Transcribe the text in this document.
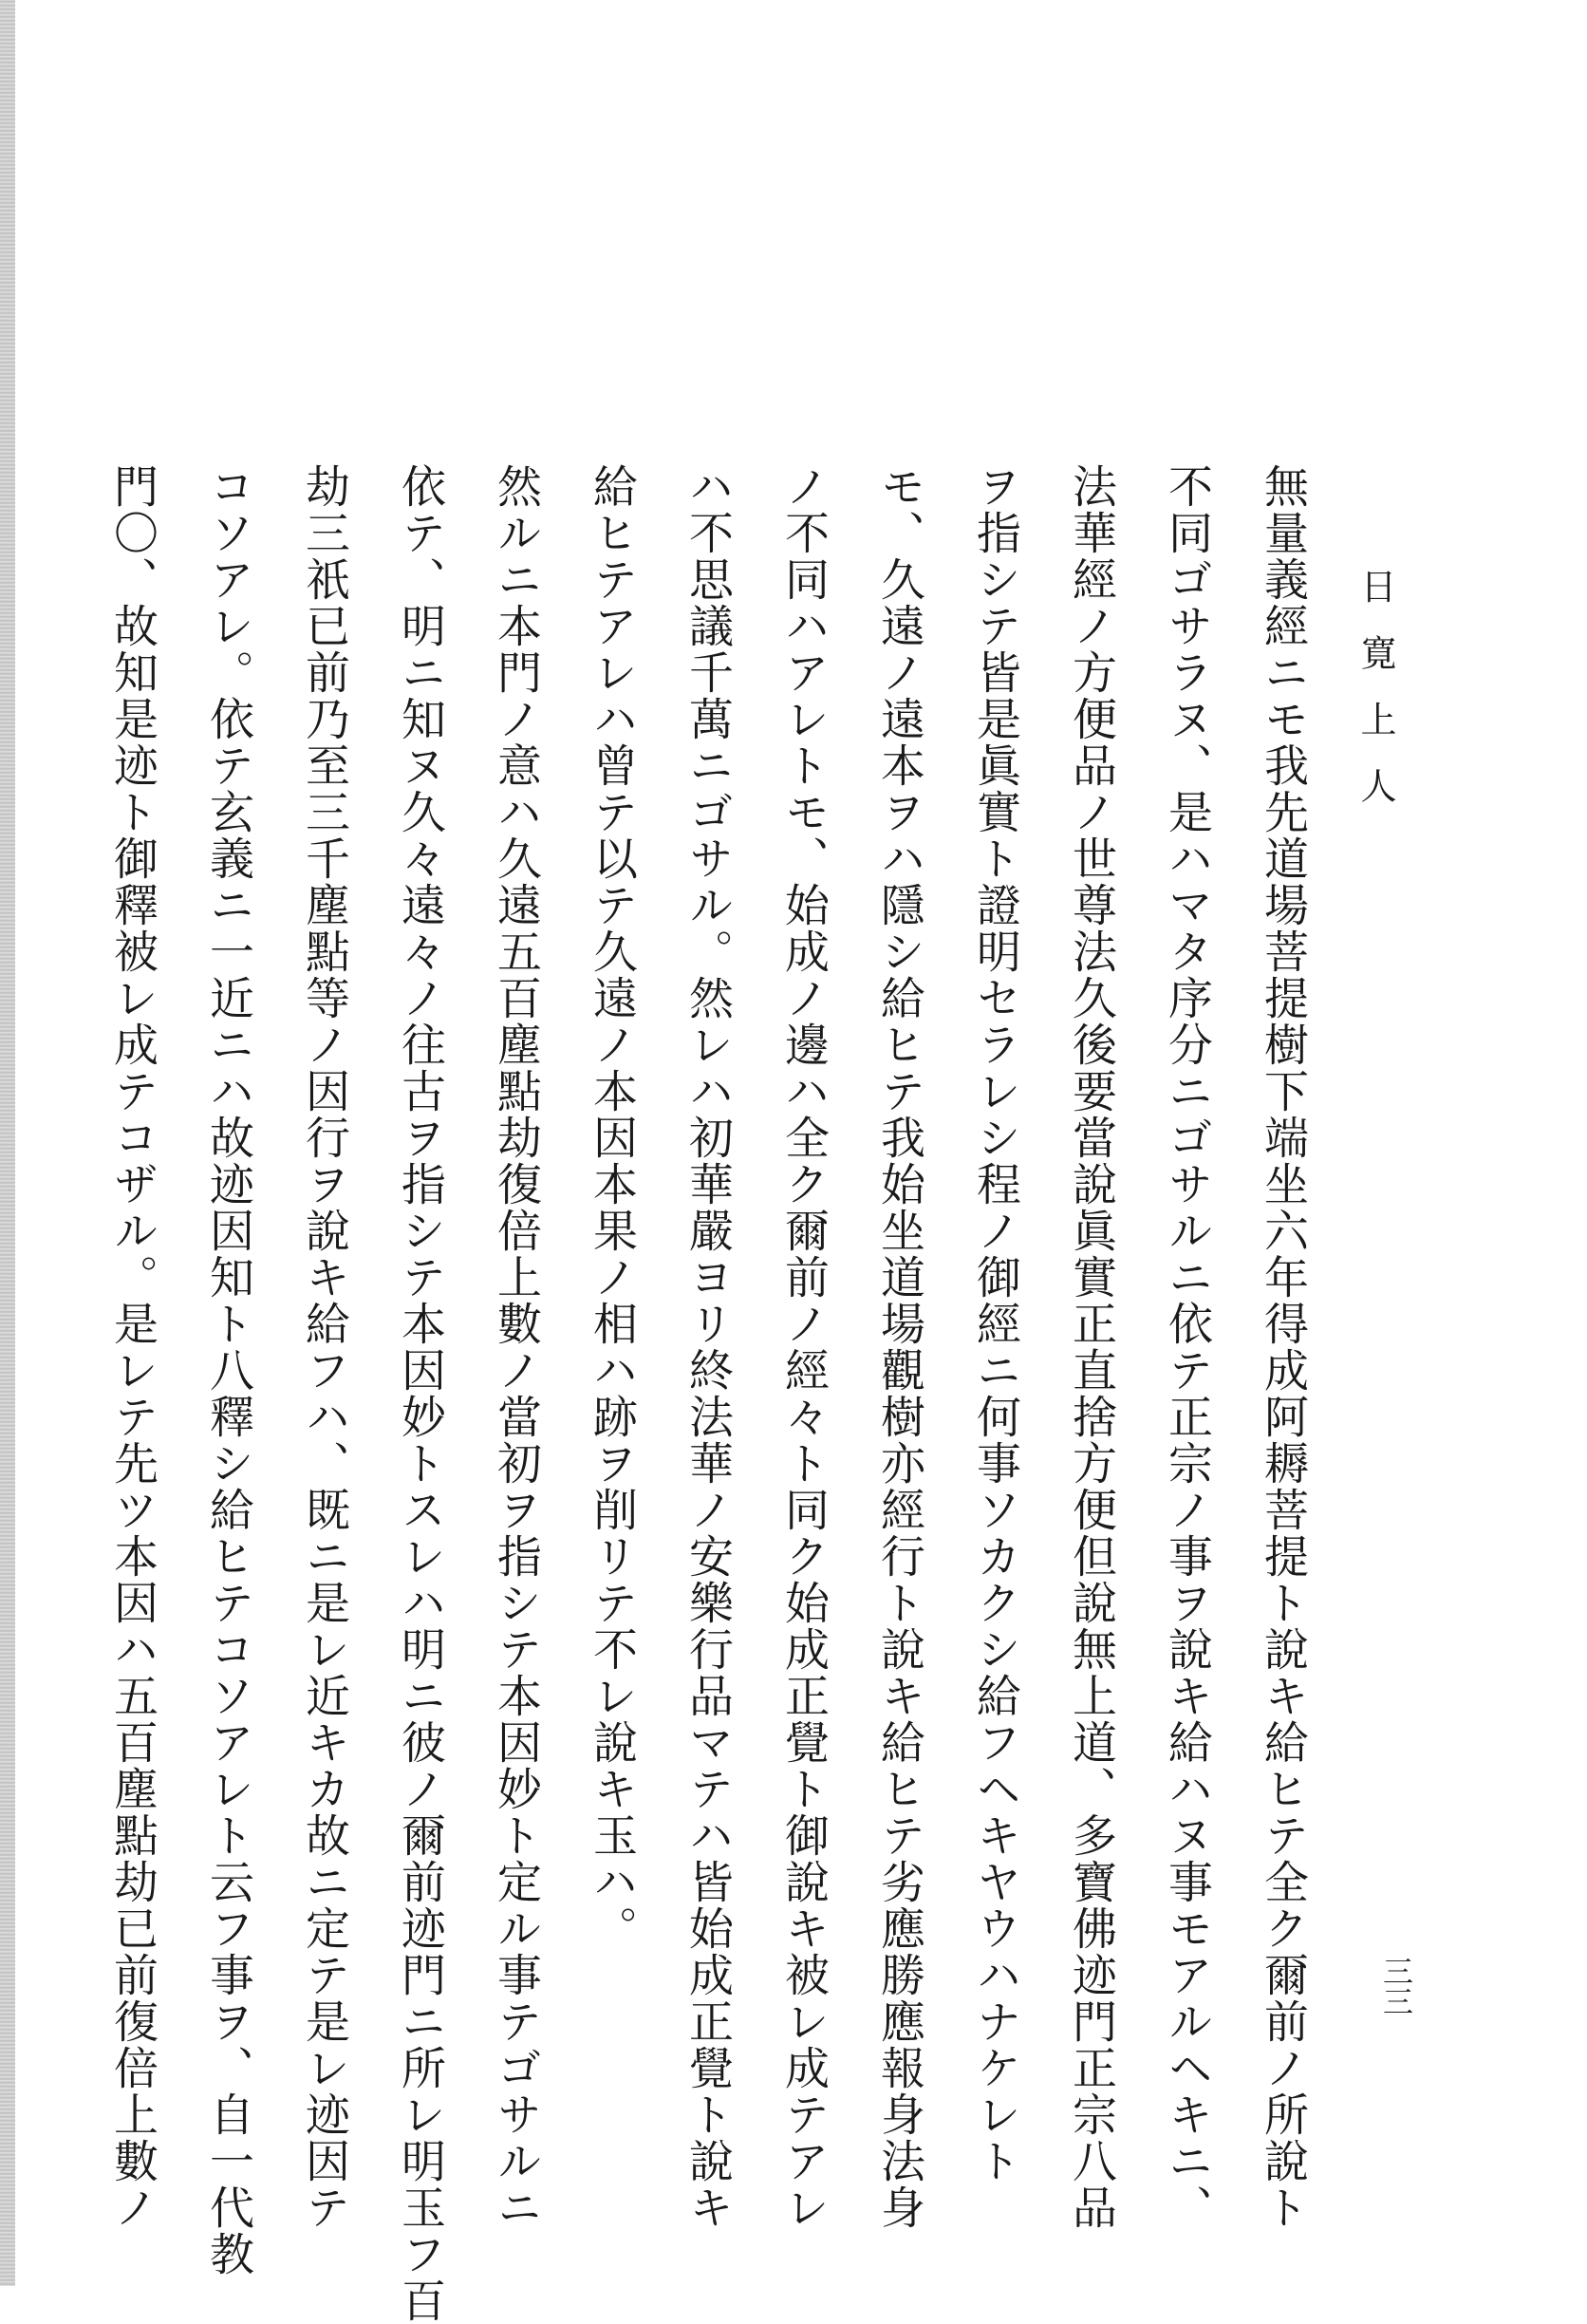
日寛上人
三三
無量義經ニモ我先道場菩提樹下端坐六年得成阿耨菩提ト說キ給ヒテ全ク爾前ノ所說ト
不同ゴサラヌ、是ハマタ序分ニゴサルニ依テ正宗ノ事ヲ說キ給ハヌ事モアルヘキニ、
法華經ノ方便品ノ世尊法久後要當說眞實正直捨方便但說無上道、多寶佛迹門正宗八品
ヲ指シテ皆是眞實ト證明セラレシ程ノ御經ニ何事ソカクシ給フヘキヤウハナケレト
モ、久遠ノ遠本ヲハ隱シ給ヒテ我始坐道場觀樹亦經行ト說キ給ヒテ劣應勝應報身法身
ノ不同ハアレトモ、始成ノ邊ハ全ク爾前ノ經々ト同ク始成正覺ト御說キ被レ成テアレ
ハ不思議千萬ニゴサル。然レハ初華嚴ヨリ終法華ノ安樂行品マテハ皆始成正覺ト說キ
給ヒテアレハ曾テ以テ久遠ノ本因本果ノ相ハ跡ヲ削リテ不レ說キ玉ハ。
然ルニ本門ノ意ハ久遠五百塵點劫復倍上數ノ當初ヲ指シテ本因妙ト定ル事テゴサルニ
依テ、明ニ知ヌ久々遠々ノ往古ヲ指シテ本因妙トスレハ明ニ彼ノ爾前迹門ニ所レ明玉フ百
劫三祇已前乃至三千塵點等ノ因行ヲ說キ給フハ、既ニ是レ近キカ故ニ定テ是レ迹因テ
コソアレ。依テ玄義ニ一近ニハ故迹因知ト八釋シ給ヒテコソアレト云フ事ヲ、自一代教
門〇、故知是迹ト御釋被レ成テコザル。是レテ先ツ本因ハ五百塵點劫已前復倍上數ノ
